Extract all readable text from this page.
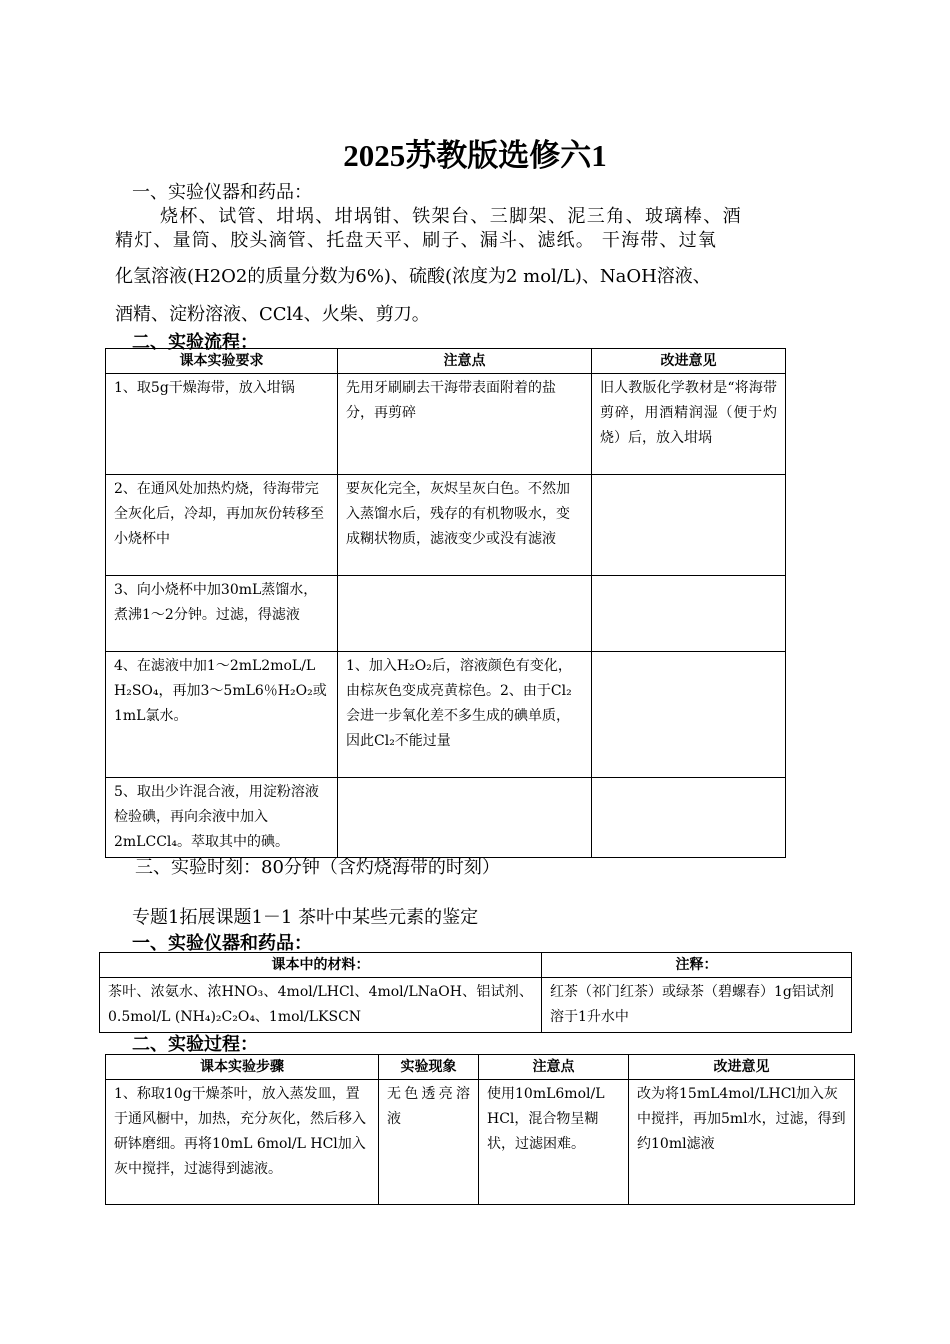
2025苏教版选修六1
一、实验仪器和药品：
烧杯、试管、坩埚、坩埚钳、铁架台、三脚架、泥三角、玻璃棒、酒
精灯、量筒、胶头滴管、托盘天平、刷子、漏斗、滤纸。 干海带、过氧
化氢溶液(H2O2的质量分数为6%)、硫酸(浓度为2 mol/L)、NaOH溶液、
酒精、淀粉溶液、CCl4、火柴、剪刀。
二、实验流程：
课本实验要求	注意点	改进意见
1、取5g干燥海带，放入坩锅	先用牙刷刷去干海带表面附着的盐分，再剪碎	旧人教版化学教材是“将海带剪碎，用酒精润湿（便于灼烧）后，放入坩埚
2、在通风处加热灼烧，待海带完全灰化后，冷却，再加灰份转移至小烧杯中	要灰化完全，灰烬呈灰白色。不然加入蒸馏水后，残存的有机物吸水，变成糊状物质，滤液变少或没有滤液	
3、向小烧杯中加30mL蒸馏水，煮沸1～2分钟。过滤，得滤液		
4、在滤液中加1～2mL2moL/L H₂SO₄，再加3～5mL6％H₂O₂或1mL氯水。	1、加入H₂O₂后，溶液颜色有变化，由棕灰色变成亮黄棕色。2、由于Cl₂会进一步氧化差不多生成的碘单质，因此Cl₂不能过量	
5、取出少许混合液，用淀粉溶液检验碘，再向余液中加入2mLCCl₄。萃取其中的碘。		
三、实验时刻：80分钟（含灼烧海带的时刻）
专题1拓展课题1－1 茶叶中某些元素的鉴定
一、实验仪器和药品：
课本中的材料：	注释：
茶叶、浓氨水、浓HNO₃、4mol/LHCl、4mol/LNaOH、铝试剂、0.5mol/L (NH₄)₂C₂O₄、1mol/LKSCN	红茶（祁门红茶）或绿茶（碧螺春）1g铝试剂溶于1升水中
二、实验过程：
课本实验步骤	实验现象	注意点	改进意见
1、称取10g干燥茶叶，放入蒸发皿，置于通风橱中，加热，充分灰化，然后移入研钵磨细。再将10mL 6mol/L HCl加入灰中搅拌，过滤得到滤液。	无色透亮溶液	使用10mL6mol/L HCl，混合物呈糊状，过滤困难。	改为将15mL4mol/LHCl加入灰中搅拌，再加5ml水，过滤，得到约10ml滤液
